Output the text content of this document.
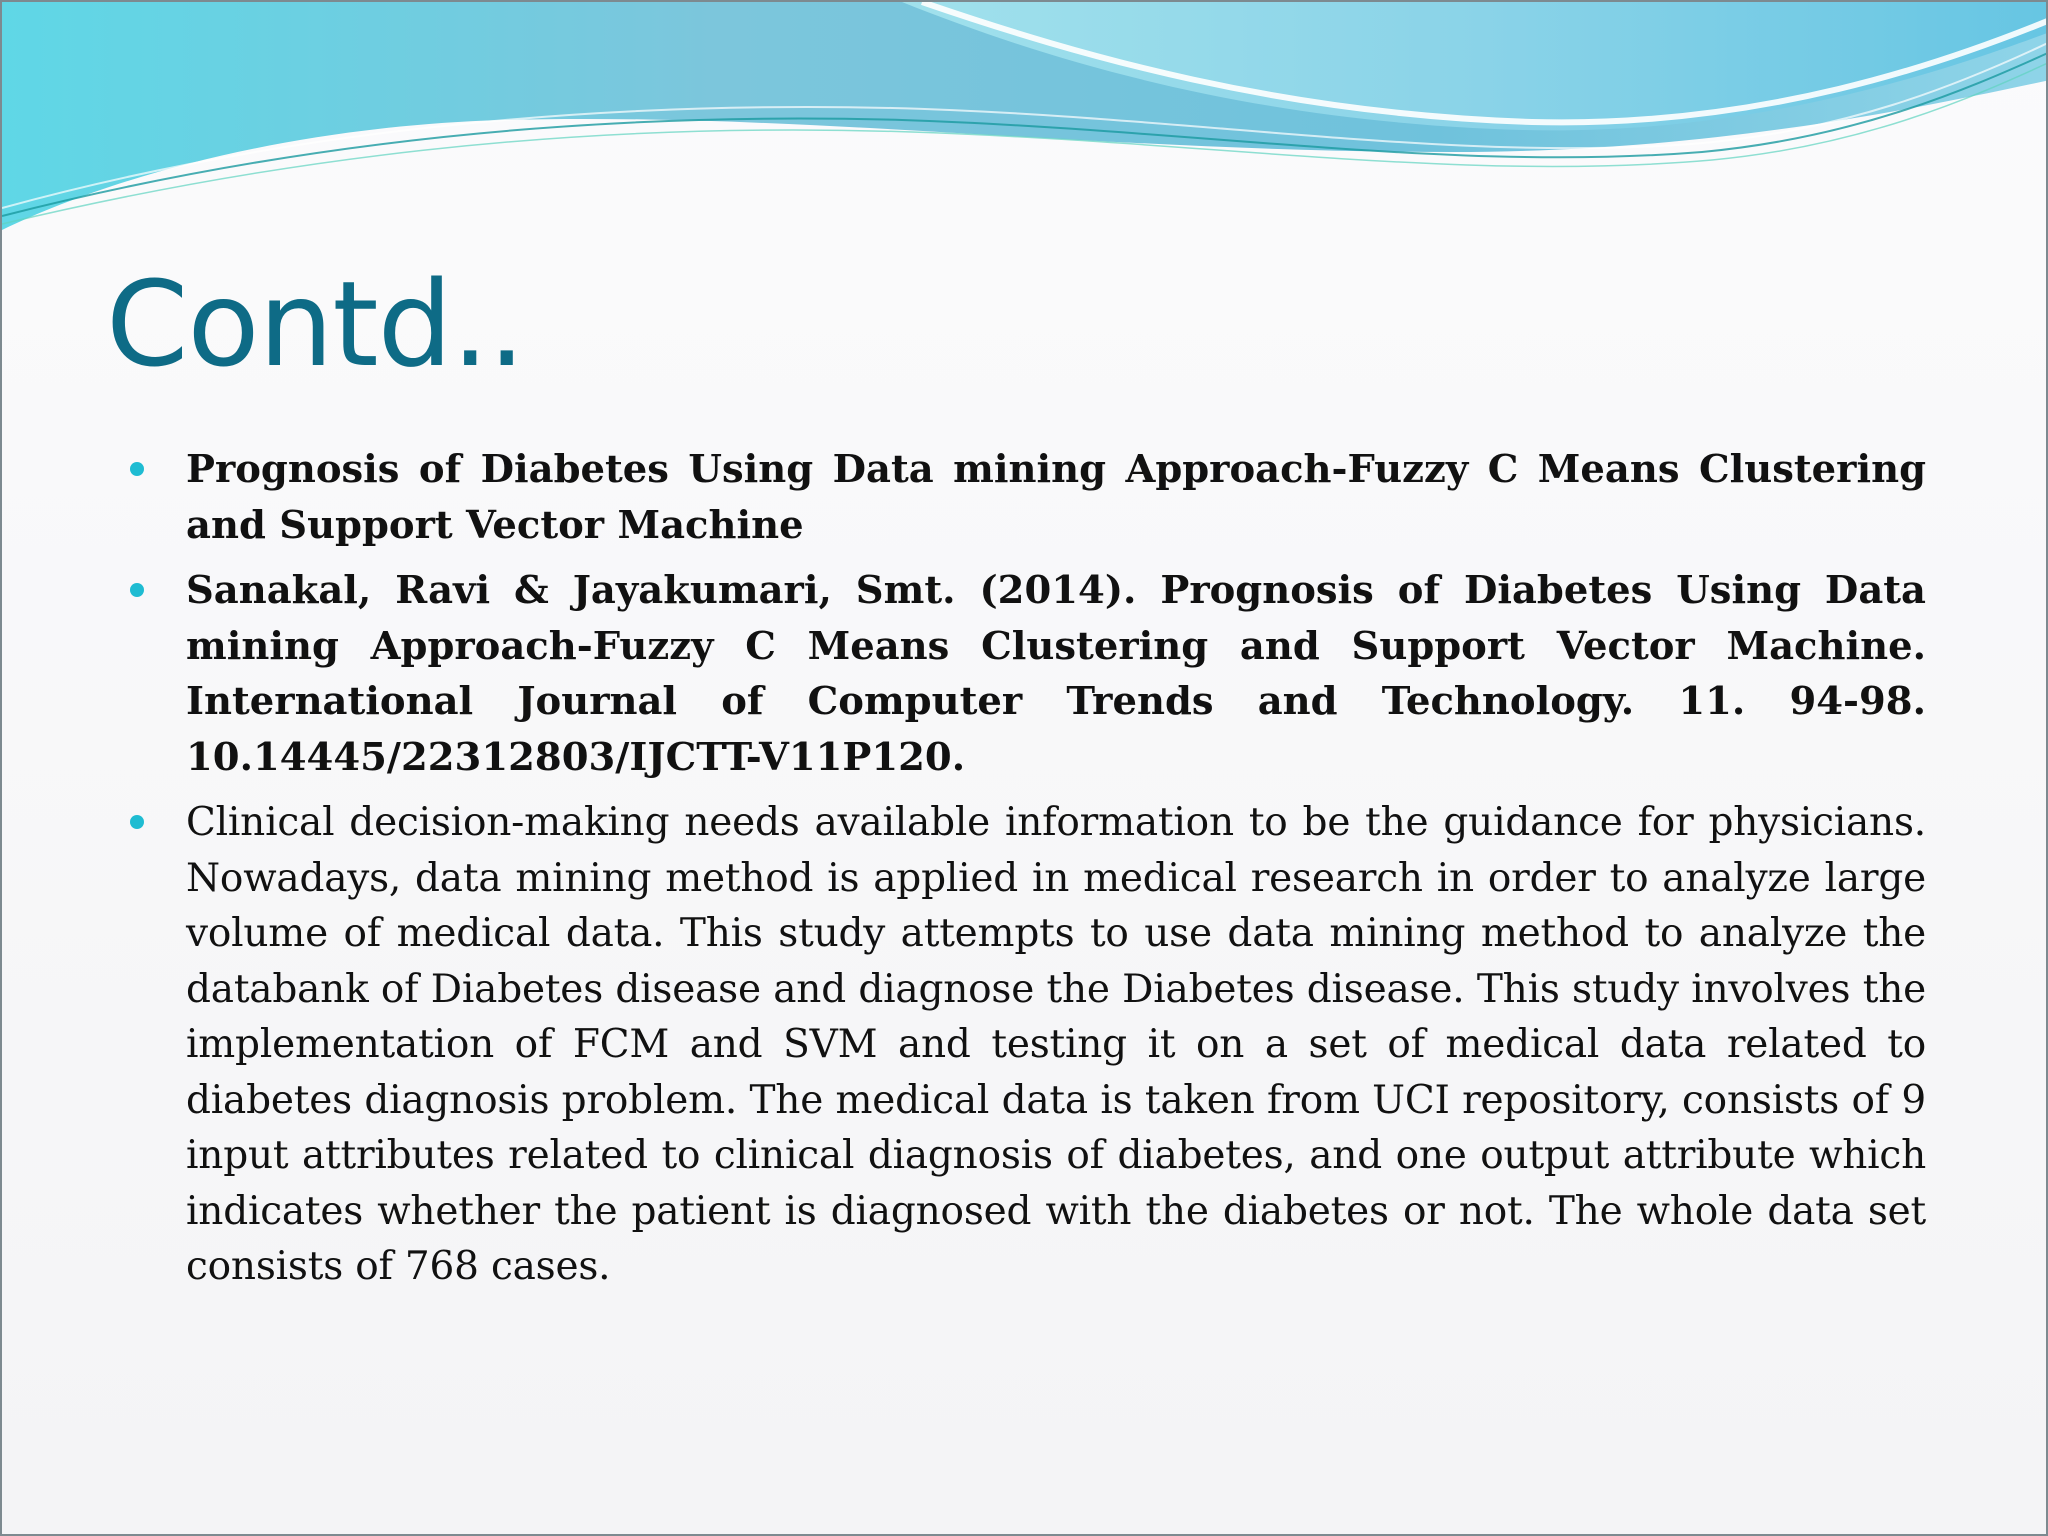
Contd..
Prognosis of Diabetes Using Data mining Approach-Fuzzy C Means Clustering and Support Vector Machine
Sanakal, Ravi & Jayakumari, Smt. (2014). Prognosis of Diabetes Using Data mining Approach-Fuzzy C Means Clustering and Support Vector Machine. International Journal of Computer Trends and Technology. 11. 94-98. 10.14445/22312803/IJCTT-V11P120.
Clinical decision-making needs available information to be the guidance for physicians. Nowadays, data mining method is applied in medical research in order to analyze large volume of medical data. This study attempts to use data mining method to analyze the databank of Diabetes disease and diagnose the Diabetes disease. This study involves the implementation of FCM and SVM and testing it on a set of medical data related to diabetes diagnosis problem. The medical data is taken from UCI repository, consists of 9 input attributes related to clinical diagnosis of diabetes, and one output attribute which indicates whether the patient is diagnosed with the diabetes or not. The whole data set consists of 768 cases.
